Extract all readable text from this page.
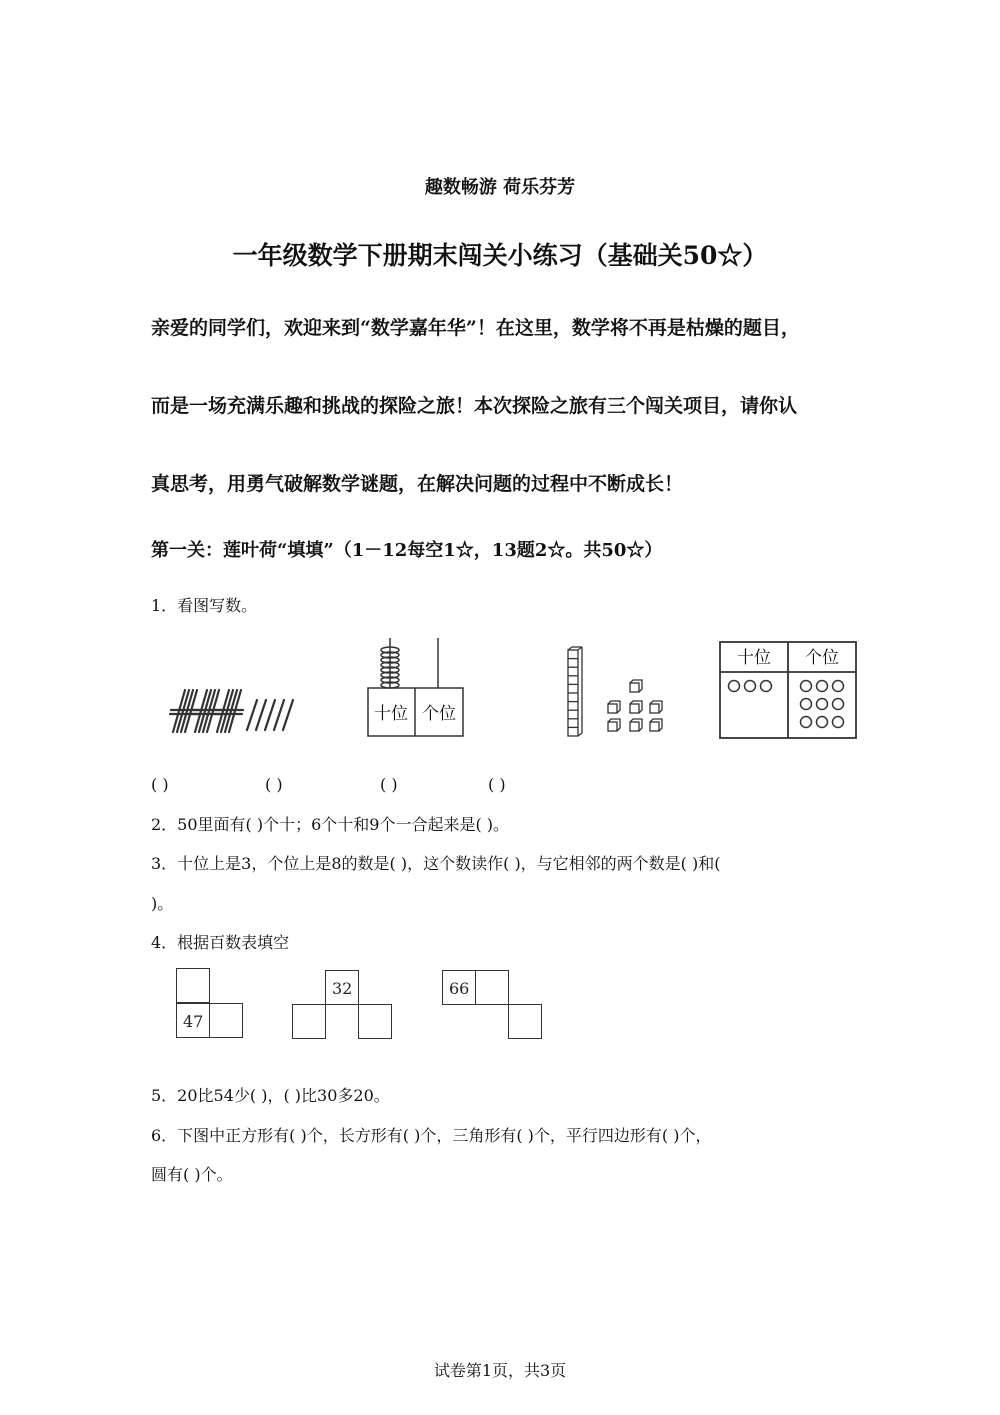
趣数畅游 荷乐芬芳
一年级数学下册期末闯关小练习（基础关50☆）
亲爱的同学们，欢迎来到“数学嘉年华”！在这里，数学将不再是枯燥的题目，
而是一场充满乐趣和挑战的探险之旅！本次探险之旅有三个闯关项目，请你认
真思考，用勇气破解数学谜题，在解决问题的过程中不断成长！
第一关：莲叶荷“填填”（1－12每空1☆，13题2☆。共50☆）
1．看图写数。
十位 个位
十位 个位
( )	( )	( )	( )
2．50里面有( )个十；6个十和9个一合起来是( )。
3．十位上是3，个位上是8的数是( )，这个数读作( )，与它相邻的两个数是( )和(
)。
4．根据百数表填空
47
32	66
5．20比54少( )，( )比30多20。
6．下图中正方形有( )个，长方形有( )个，三角形有( )个，平行四边形有( )个，
圆有( )个。
试卷第1页，共3页
